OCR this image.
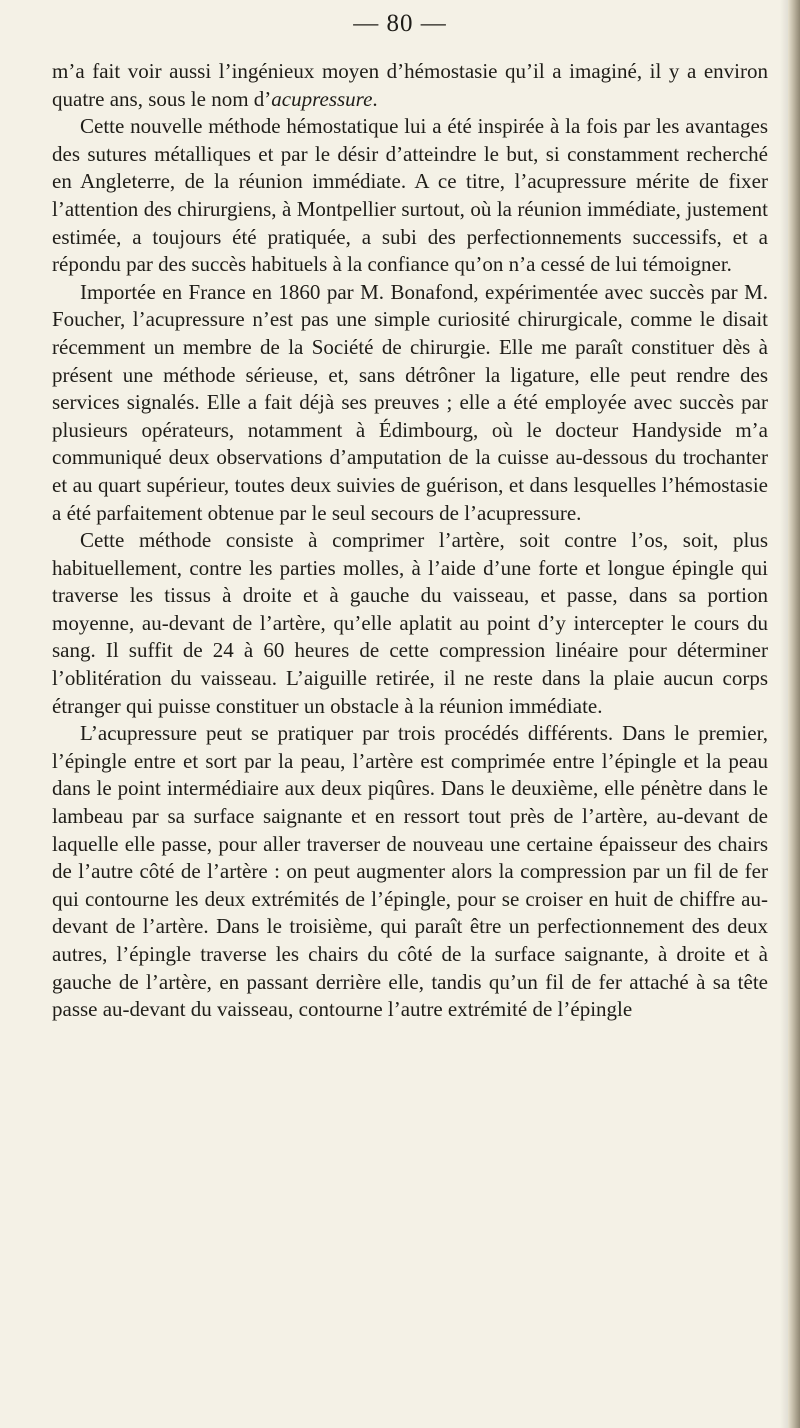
— 80 —

m’a fait voir aussi l’ingénieux moyen d’hémostasie qu’il a imaginé, il y a environ quatre ans, sous le nom d’acupressure.

Cette nouvelle méthode hémostatique lui a été inspirée à la fois par les avantages des sutures métalliques et par le désir d’atteindre le but, si constamment recherché en Angleterre, de la réunion immédiate. A ce titre, l’acupressure mérite de fixer l’attention des chirurgiens, à Montpellier surtout, où la réunion immédiate, justement estimée, a toujours été pratiquée, a subi des perfectionnements successifs, et a répondu par des succès habituels à la confiance qu’on n’a cessé de lui témoigner.

Importée en France en 1860 par M. Bonafond, expérimentée avec succès par M. Foucher, l’acupressure n’est pas une simple curiosité chirurgicale, comme le disait récemment un membre de la Société de chirurgie. Elle me paraît constituer dès à présent une méthode sérieuse, et, sans détrôner la ligature, elle peut rendre des services signalés. Elle a fait déjà ses preuves ; elle a été employée avec succès par plusieurs opérateurs, notamment à Édimbourg, où le docteur Handyside m’a communiqué deux observations d’amputation de la cuisse au-dessous du trochanter et au quart supérieur, toutes deux suivies de guérison, et dans lesquelles l’hémostasie a été parfaitement obtenue par le seul secours de l’acupressure.

Cette méthode consiste à comprimer l’artère, soit contre l’os, soit, plus habituellement, contre les parties molles, à l’aide d’une forte et longue épingle qui traverse les tissus à droite et à gauche du vaisseau, et passe, dans sa portion moyenne, au-devant de l’artère, qu’elle aplatit au point d’y intercepter le cours du sang. Il suffit de 24 à 60 heures de cette compression linéaire pour déterminer l’oblitération du vaisseau. L’aiguille retirée, il ne reste dans la plaie aucun corps étranger qui puisse constituer un obstacle à la réunion immédiate.

L’acupressure peut se pratiquer par trois procédés différents. Dans le premier, l’épingle entre et sort par la peau, l’artère est comprimée entre l’épingle et la peau dans le point intermédiaire aux deux piqûres. Dans le deuxième, elle pénètre dans le lambeau par sa surface saignante et en ressort tout près de l’artère, au-devant de laquelle elle passe, pour aller traverser de nouveau une certaine épaisseur des chairs de l’autre côté de l’artère : on peut augmenter alors la compression par un fil de fer qui contourne les deux extrémités de l’épingle, pour se croiser en huit de chiffre au-devant de l’artère. Dans le troisième, qui paraît être un perfectionnement des deux autres, l’épingle traverse les chairs du côté de la surface saignante, à droite et à gauche de l’artère, en passant derrière elle, tandis qu’un fil de fer attaché à sa tête passe au-devant du vaisseau, contourne l’autre extrémité de l’épingle
